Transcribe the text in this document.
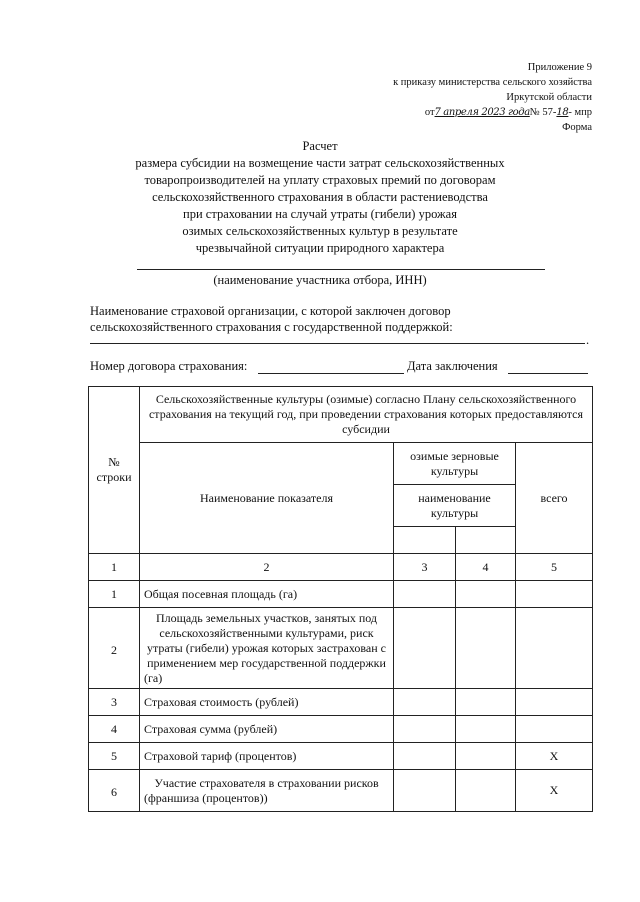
Приложение 9
к приказу министерства сельского хозяйства
Иркутской области
от7 апреля 2023 года№ 57-18- мпр
Форма
Расчет
размера субсидии на возмещение части затрат сельскохозяйственных
товаропроизводителей на уплату страховых премий по договорам
сельскохозяйственного страхования в области растениеводства
при страховании на случай утраты (гибели) урожая
озимых сельскохозяйственных культур в результате
чрезвычайной ситуации природного характера
(наименование участника отбора, ИНН)
Наименование страховой организации, с которой заключен договор
сельскохозяйственного страхования с государственной поддержкой:
.
Номер договора страхования:	Дата заключения
№ строки	Сельскохозяйственные культуры (озимые) согласно Плану сельскохозяйственного страхования на текущий год, при проведении страхования которых предоставляются субсидии			
	Наименование показателя	озимые зерновые культуры		всего
		наименование культуры		

1	2	3	4	5
1	Общая посевная площадь (га)			
2	Площадь земельных участков, занятых под сельскохозяйственными культурами, риск утраты (гибели) урожая которых застрахован с применением мер государственной поддержки (га)			
3	Страховая стоимость (рублей)			
4	Страховая сумма (рублей)			
5	Страховой тариф (процентов)			X
6	Участие страхователя в страховании рисков (франшиза (процентов))			X
